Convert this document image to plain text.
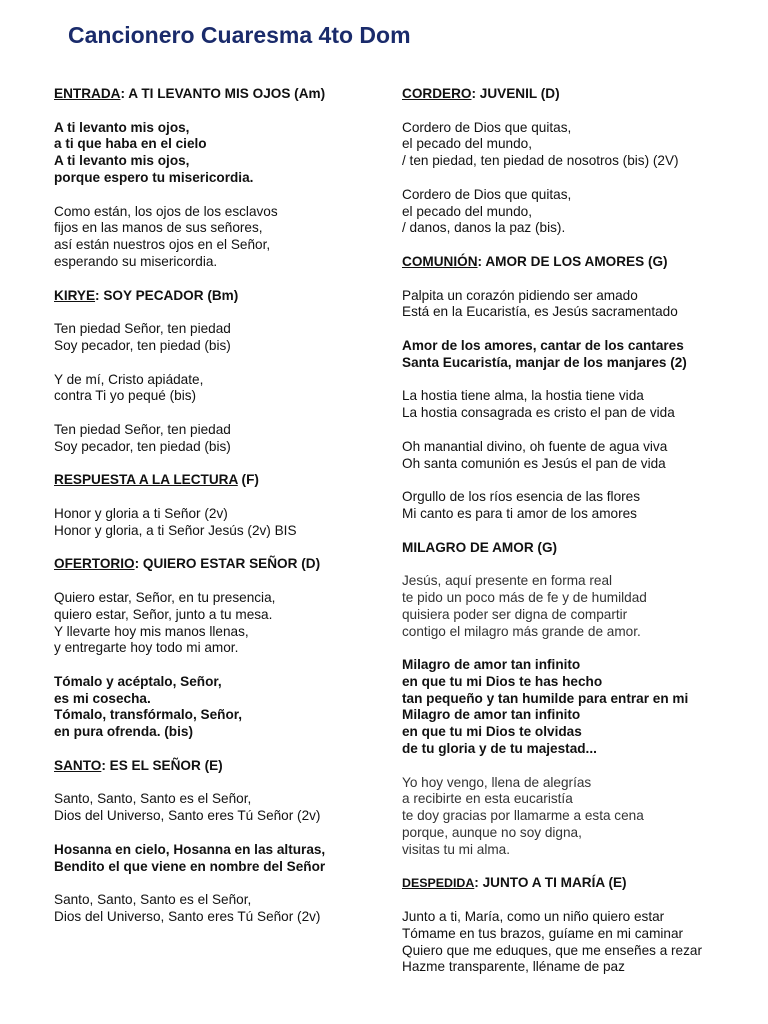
Cancionero Cuaresma 4to Dom
ENTRADA: A TI LEVANTO MIS OJOS (Am)
A ti levanto mis ojos,
a ti que haba en el cielo
A ti levanto mis ojos,
porque espero tu misericordia.
Como están, los ojos de los esclavos
fijos en las manos de sus señores,
así están nuestros ojos en el Señor,
esperando su misericordia.
KIRYE: SOY PECADOR (Bm)
Ten piedad Señor, ten piedad
Soy pecador, ten piedad (bis)
Y de mí, Cristo apiádate,
contra Ti yo pequé (bis)
Ten piedad Señor, ten piedad
Soy pecador, ten piedad (bis)
RESPUESTA A LA LECTURA (F)
Honor y gloria a ti Señor (2v)
Honor y gloria, a ti Señor Jesús (2v) BIS
OFERTORIO: QUIERO ESTAR SEÑOR (D)
Quiero estar, Señor, en tu presencia,
quiero estar, Señor, junto a tu mesa.
Y llevarte hoy mis manos llenas,
y entregarte hoy todo mi amor.
Tómalo y acéptalo, Señor,
es mi cosecha.
Tómalo, transfórmalo, Señor,
en pura ofrenda. (bis)
SANTO: ES EL SEÑOR (E)
Santo, Santo, Santo es el Señor,
Dios del Universo, Santo eres Tú Señor (2v)
Hosanna en cielo, Hosanna en las alturas,
Bendito el que viene en nombre del Señor
Santo, Santo, Santo es el Señor,
Dios del Universo, Santo eres Tú Señor (2v)
CORDERO: JUVENIL (D)
Cordero de Dios que quitas,
el pecado del mundo,
/ ten piedad, ten piedad de nosotros (bis) (2V)
Cordero de Dios que quitas,
el pecado del mundo,
/ danos, danos la paz (bis).
COMUNIÓN: AMOR DE LOS AMORES (G)
Palpita un corazón pidiendo ser amado
Está en la Eucaristía, es Jesús sacramentado
Amor de los amores, cantar de los cantares
Santa Eucaristía, manjar de los manjares (2)
La hostia tiene alma, la hostia tiene vida
La hostia consagrada es cristo el pan de vida
Oh manantial divino, oh fuente de agua viva
Oh santa comunión es Jesús el pan de vida
Orgullo de los ríos esencia de las flores
Mi canto es para ti amor de los amores
MILAGRO DE AMOR (G)
Jesús, aquí presente en forma real
te pido un poco más de fe y de humildad
quisiera poder ser digna de compartir
contigo el milagro más grande de amor.
Milagro de amor tan infinito
en que tu mi Dios te has hecho
tan pequeño y tan humilde para entrar en mi
Milagro de amor tan infinito
en que tu mi Dios te olvidas
de tu gloria y de tu majestad...
Yo hoy vengo, llena de alegrías
a recibirte en esta eucaristía
te doy gracias por llamarme a esta cena
porque, aunque no soy digna,
visitas tu mi alma.
DESPEDIDA: JUNTO A TI MARÍA (E)
Junto a ti, María, como un niño quiero estar
Tómame en tus brazos, guíame en mi caminar
Quiero que me eduques, que me enseñes a rezar
Hazme transparente, lléname de paz
